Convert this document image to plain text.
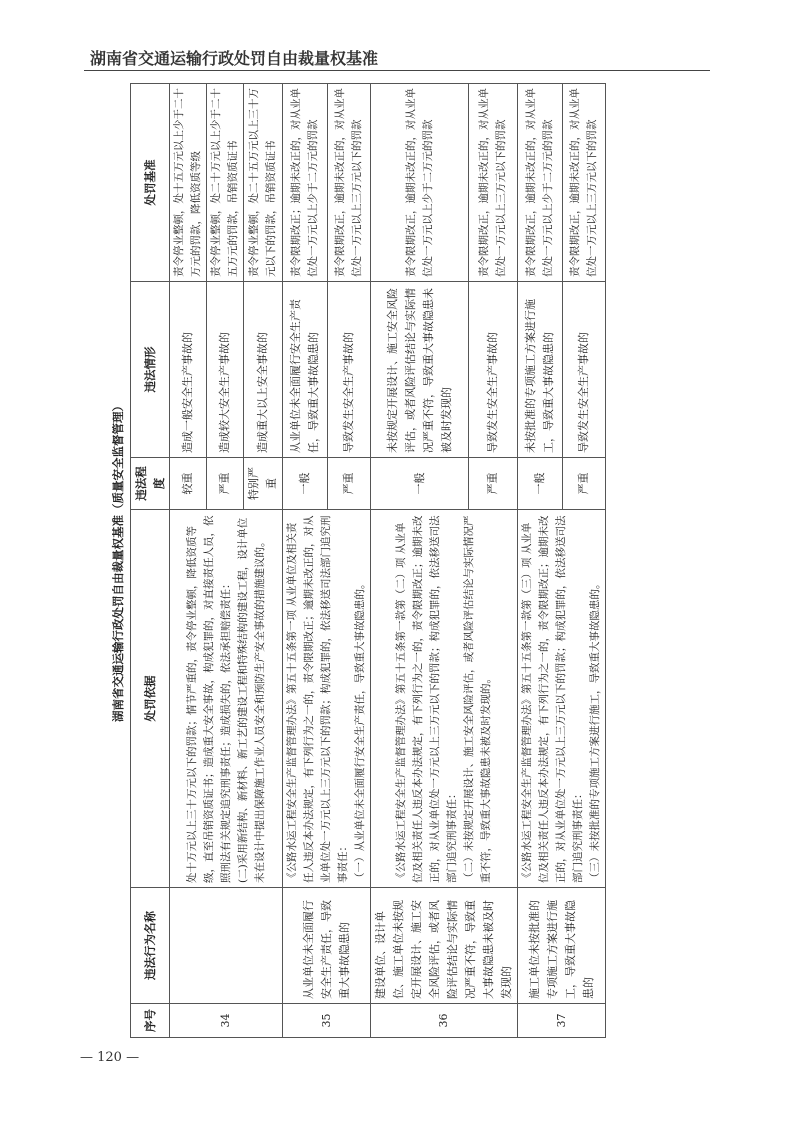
湖南省交通运输行政处罚自由裁量权基准
湖南省交通运输行政处罚自由裁量权基准（质量安全监督管理）
序号	违法行为名称	处罚依据	违法程度	违法情形	处罚基准
34		处十万元以上三十万元以下的罚款；情节严重的，责令停业整顿，降低资质等级，直至吊销资质证书；造成重大安全事故，构成犯罪的，对直接责任人员，依照刑法有关规定追究刑事责任；造成损失的，依法承担赔偿责任： (二)采用新结构、新材料、新工艺的建设工程和特殊结构的建设工程，设计单位未在设计中提出保障施工作业人员安全和预防生产安全事故的措施建议的。	较重	造成一般安全生产事故的	责令停业整顿，处十五万元以上少于二十万元的罚款，降低资质等级
			严重	造成较大安全生产事故的	责令停业整顿，处二十万元以上少于二十五万元的罚款，吊销资质证书
			特别严重	造成重大以上安全事故的	责令停业整顿，处二十五万元以上三十万元以下的罚款，吊销资质证书
35	从业单位未全面履行安全生产责任，导致重大事故隐患的	《公路水运工程安全生产监督管理办法》第五十五条第一项 从业单位及相关责任人违反本办法规定，有下列行为之一的，责令限期改正；逾期未改正的，对从业单位处一万元以上三万元以下的罚款；构成犯罪的，依法移送司法部门追究刑事责任： （一）从业单位未全面履行安全生产责任，导致重大事故隐患的。	一般	从业单位未全面履行安全生产责任，导致重大事故隐患的	责令限期改正；逾期未改正的，对从业单位处一万元以上少于二万元的罚款
			严重	导致发生安全生产事故的	责令限期改正，逾期未改正的，对从业单位处一万元以上三万元以下的罚款
36	建设单位、设计单位、施工单位未按规定开展设计、施工安全风险评估，或者风险评估结论与实际情况严重不符，导致重大事故隐患未被及时发现的	《公路水运工程安全生产监督管理办法》第五十五条第一款第（二）项 从业单位及相关责任人违反本办法规定，有下列行为之一的，责令限期改正；逾期未改正的，对从业单位处一万元以上三万元以下的罚款；构成犯罪的，依法移送司法部门追究刑事责任： （二）未按规定开展设计、施工安全风险评估，或者风险评估结论与实际情况严重不符，导致重大事故隐患未被及时发现的。	一般	未按规定开展设计、施工安全风险评估，或者风险评估结论与实际情况严重不符，导致重大事故隐患未被及时发现的	责令限期改正，逾期未改正的，对从业单位处一万元以上少于二万元的罚款
			严重	导致发生安全生产事故的	责令限期改正，逾期未改正的，对从业单位处一万元以上三万元以下的罚款
37	施工单位未按批准的专项施工方案进行施工，导致重大事故隐患的	《公路水运工程安全生产监督管理办法》第五十五条第一款第（三）项 从业单位及相关责任人违反本办法规定，有下列行为之一的，责令限期改正；逾期未改正的，对从业单位处一万元以上三万元以下的罚款；构成犯罪的，依法移送司法部门追究刑事责任： （三）未按批准的专项施工方案进行施工，导致重大事故隐患的。	一般	未按批准的专项施工方案进行施工，导致重大事故隐患的	责令限期改正，逾期未改正的，对从业单位处一万元以上少于二万元的罚款
			严重	导致发生安全生产事故的	责令限期改正，逾期未改正的，对从业单位处一万元以上三万元以下的罚款
— 120 —
